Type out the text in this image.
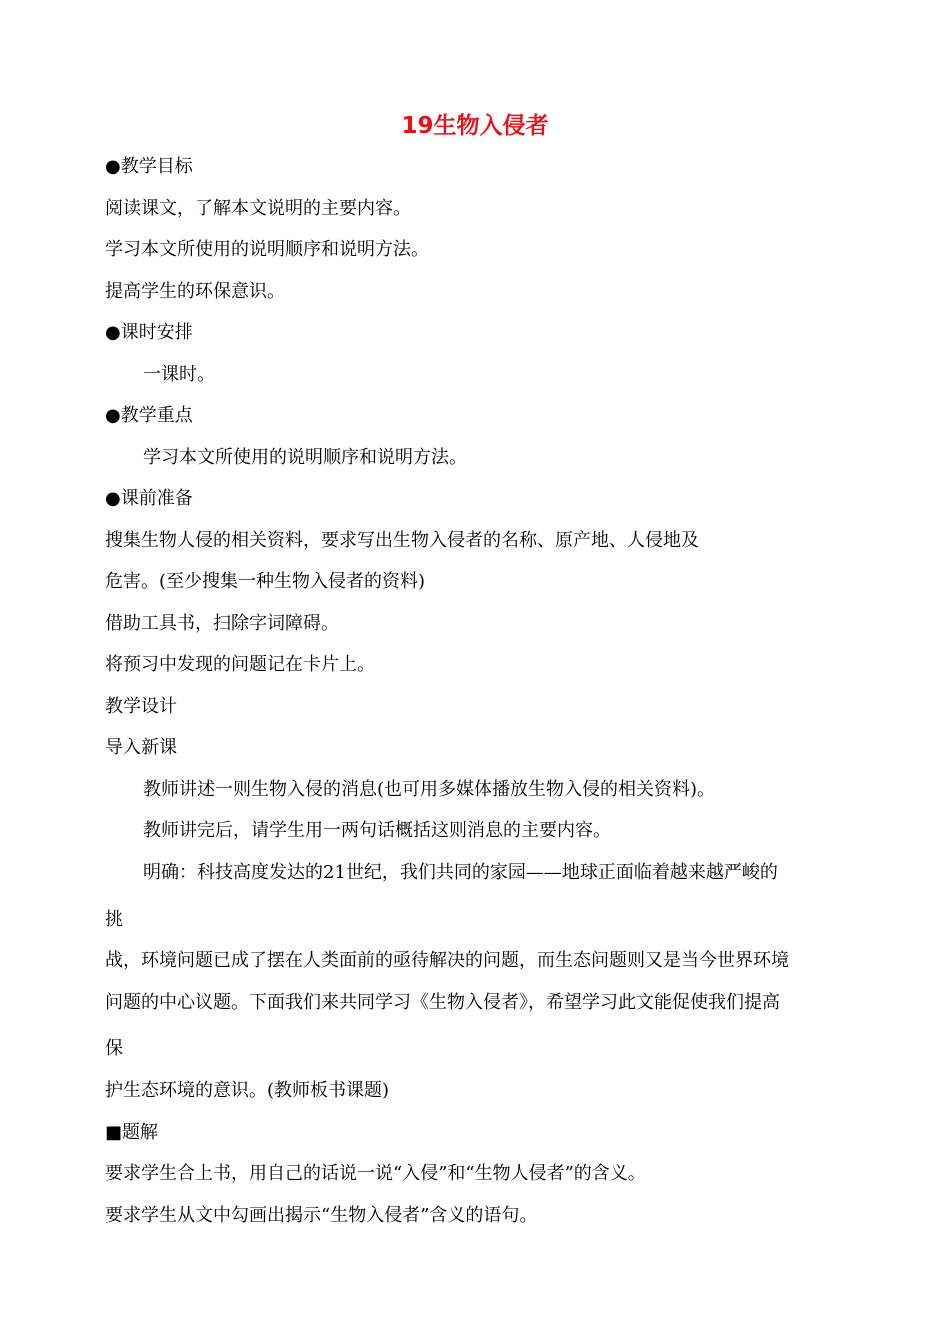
19生物入侵者
●教学目标
阅读课文，了解本文说明的主要内容。
学习本文所使用的说明顺序和说明方法。
提高学生的环保意识。
●课时安排
一课时。
●教学重点
学习本文所使用的说明顺序和说明方法。
●课前准备
搜集生物人侵的相关资料，要求写出生物入侵者的名称、原产地、人侵地及
危害。(至少搜集一种生物入侵者的资料)
借助工具书，扫除字词障碍。
将预习中发现的问题记在卡片上。
教学设计
导入新课
教师讲述一则生物入侵的消息(也可用多媒体播放生物入侵的相关资料)。
教师讲完后，请学生用一两句话概括这则消息的主要内容。
明确：科技高度发达的21世纪，我们共同的家园——地球正面临着越来越严峻的
挑
战，环境问题已成了摆在人类面前的亟待解决的问题，而生态问题则又是当今世界环境
问题的中心议题。下面我们来共同学习《生物入侵者》，希望学习此文能促使我们提高
保
护生态环境的意识。(教师板书课题)
■题解
要求学生合上书，用自己的话说一说“入侵”和“生物人侵者”的含义。
要求学生从文中勾画出揭示“生物入侵者”含义的语句。
